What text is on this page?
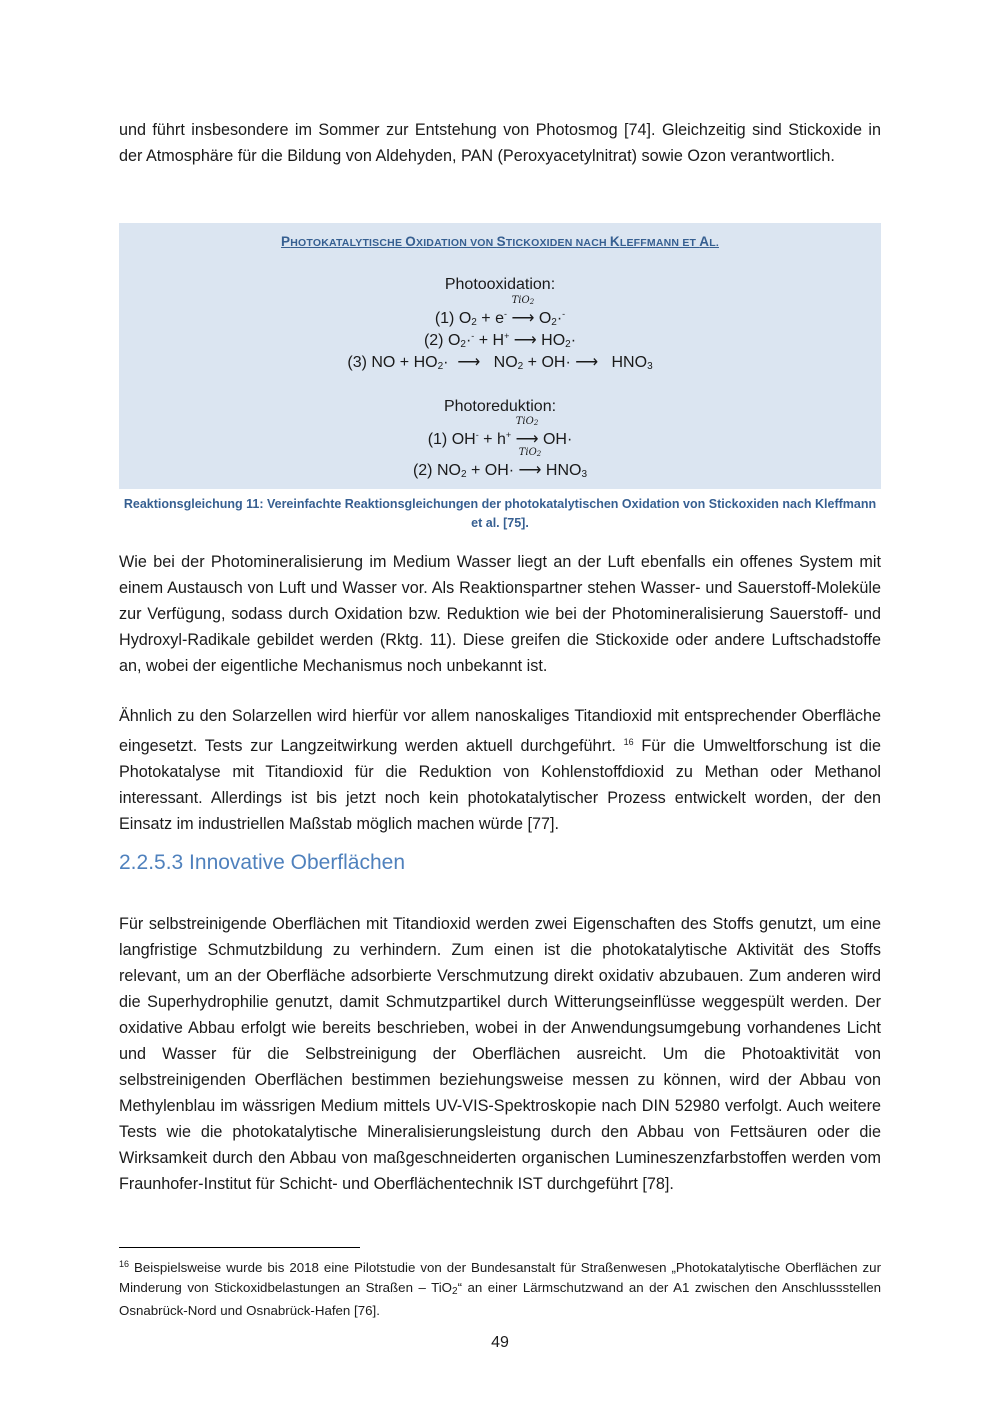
und führt insbesondere im Sommer zur Entstehung von Photosmog [74]. Gleichzeitig sind Stickoxide in der Atmosphäre für die Bildung von Aldehyden, PAN (Peroxyacetylnitrat) sowie Ozon verantwortlich.

PHOTOKATALYTISCHE OXIDATION VON STICKOXIDEN NACH KLEFFMANN ET AL.
Photooxidation:
(1) $O_2 + e^-$
TiO2
⟶ $O_2\cdot^-$
(2) $O_2\cdot^- + H^+$ ⟶ $HO_2\cdot$
(3) NO + $HO_2\cdot$  ⟶   $NO_2 + OH\cdot$ ⟶   $HNO_3$
Photoreduktion:
(1) OH- + h+
TiO2
⟶ OH·
(2) $NO_2 + OH\cdot$
TiO2
⟶ $HNO_3$
Reaktionsgleichung 11: Vereinfachte Reaktionsgleichungen der photokatalytischen Oxidation von Stickoxiden nach Kleffmann et al. [75].

Wie bei der Photomineralisierung im Medium Wasser liegt an der Luft ebenfalls ein offenes System mit einem Austausch von Luft und Wasser vor. Als Reaktionspartner stehen Wasser- und Sauerstoff-Moleküle zur Verfügung, sodass durch Oxidation bzw. Reduktion wie bei der Photomineralisierung Sauerstoff- und Hydroxyl-Radikale gebildet werden (Rktg. 11). Diese greifen die Stickoxide oder andere Luftschadstoffe an, wobei der eigentliche Mechanismus noch unbekannt ist.

Ähnlich zu den Solarzellen wird hierfür vor allem nanoskaliges Titandioxid mit entsprechender Oberfläche eingesetzt. Tests zur Langzeitwirkung werden aktuell durchgeführt. $^{16}$ Für die Umweltforschung ist die Photokatalyse mit Titandioxid für die Reduktion von Kohlenstoffdioxid zu Methan oder Methanol interessant. Allerdings ist bis jetzt noch kein photokatalytischer Prozess entwickelt worden, der den Einsatz im industriellen Maßstab möglich machen würde [77].

2.2.5.3 Innovative Oberflächen

Für selbstreinigende Oberflächen mit Titandioxid werden zwei Eigenschaften des Stoffs genutzt, um eine langfristige Schmutzbildung zu verhindern. Zum einen ist die photokatalytische Aktivität des Stoffs relevant, um an der Oberfläche adsorbierte Verschmutzung direkt oxidativ abzubauen. Zum anderen wird die Superhydrophilie genutzt, damit Schmutzpartikel durch Witterungseinflüsse weggespült werden. Der oxidative Abbau erfolgt wie bereits beschrieben, wobei in der Anwendungsumgebung vorhandenes Licht und Wasser für die Selbstreinigung der Oberflächen ausreicht. Um die Photoaktivität von selbstreinigenden Oberflächen bestimmen beziehungsweise messen zu können, wird der Abbau von Methylenblau im wässrigen Medium mittels UV-VIS-Spektroskopie nach DIN 52980 verfolgt. Auch weitere Tests wie die photokatalytische Mineralisierungsleistung durch den Abbau von Fettsäuren oder die Wirksamkeit durch den Abbau von maßgeschneiderten organischen Lumineszenzfarbstoffen werden vom Fraunhofer-Institut für Schicht- und Oberflächentechnik IST durchgeführt [78].

$^{16}$ Beispielsweise wurde bis 2018 eine Pilotstudie von der Bundesanstalt für Straßenwesen „Photokatalytische Oberflächen zur Minderung von Stickoxidbelastungen an Straßen – TiO$_2$“ an einer Lärmschutzwand an der A1 zwischen den Anschlussstellen Osnabrück-Nord und Osnabrück-Hafen [76].

49
